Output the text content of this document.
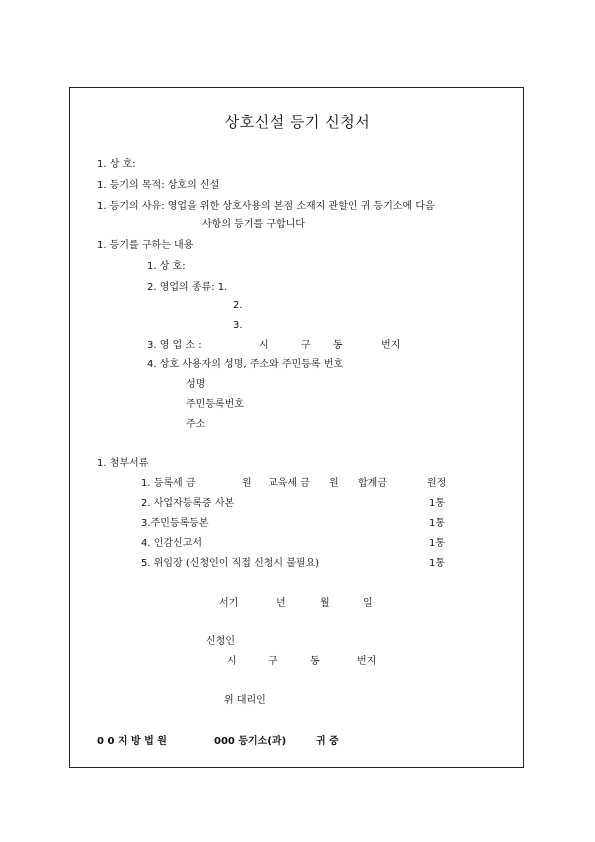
상호신설 등기 신청서
1. 상 호:
1. 등기의 목적: 상호의 신설
1. 등기의 사유: 영업을 위한 상호사용의 본점 소재지 관할인 귀 등기소에 다음
사항의 등기를 구합니다
1. 등기를 구하는 내용
1. 상 호:
2. 영업의 종류: 1.
2.
3.
3. 영 업 소 :	시	구 동	번지
4. 상호 사용자의 성명, 주소와 주민등록 번호
성명
주민등록번호
주소
1. 첨부서류
1. 등록세 금	원 교육세 금 원 합계금	원정
2. 사업자등록증 사본	1통
3.주민등록등본	1통
4. 인감신고서	1통
5. 위임장 (신청인이 직접 신청시 불필요)	1통
서기	년	월	일
신청인
시	구	동	번지
위 대리인
0 0 지 방 법 원	000 등기소(과)	귀 중
